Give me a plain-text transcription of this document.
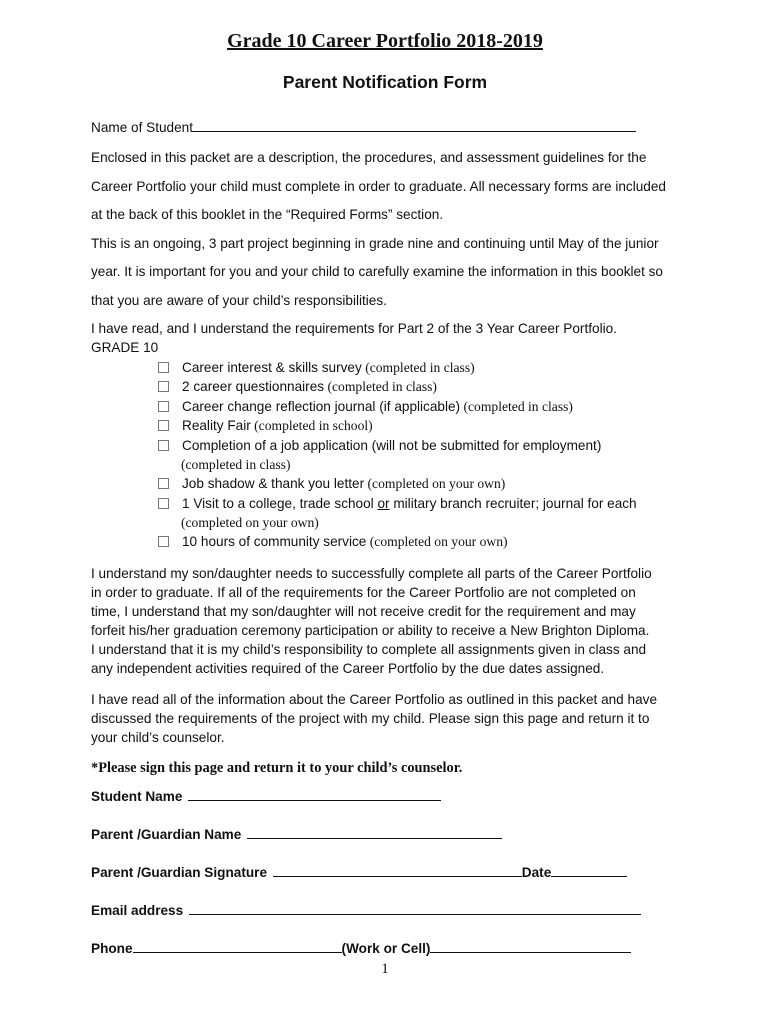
Grade 10 Career Portfolio 2018-2019
Parent Notification Form
Name of Student
Enclosed in this packet are a description, the procedures, and assessment guidelines for the
Career Portfolio your child must complete in order to graduate. All necessary forms are included
at the back of this booklet in the “Required Forms” section.
This is an ongoing, 3 part project beginning in grade nine and continuing until May of the junior
year. It is important for you and your child to carefully examine the information in this booklet so
that you are aware of your child’s responsibilities.
I have read, and I understand the requirements for Part 2 of the 3 Year Career Portfolio.
GRADE 10
Career interest & skills survey (completed in class)
2 career questionnaires (completed in class)
Career change reflection journal (if applicable) (completed in class)
Reality Fair (completed in school)
Completion of a job application (will not be submitted for employment)
(completed in class)
Job shadow & thank you letter (completed on your own)
1 Visit to a college, trade school or military branch recruiter; journal for each
(completed on your own)
10 hours of community service (completed on your own)
I understand my son/daughter needs to successfully complete all parts of the Career Portfolio
in order to graduate. If all of the requirements for the Career Portfolio are not completed on
time, I understand that my son/daughter will not receive credit for the requirement and may
forfeit his/her graduation ceremony participation or ability to receive a New Brighton Diploma.
I understand that it is my child’s responsibility to complete all assignments given in class and
any independent activities required of the Career Portfolio by the due dates assigned.
I have read all of the information about the Career Portfolio as outlined in this packet and have
discussed the requirements of the project with my child. Please sign this page and return it to
your child’s counselor.
*Please sign this page and return it to your child’s counselor.
Student Name
Parent /Guardian Name
Parent /Guardian Signature	Date
Email address
Phone	(Work or Cell)
1
